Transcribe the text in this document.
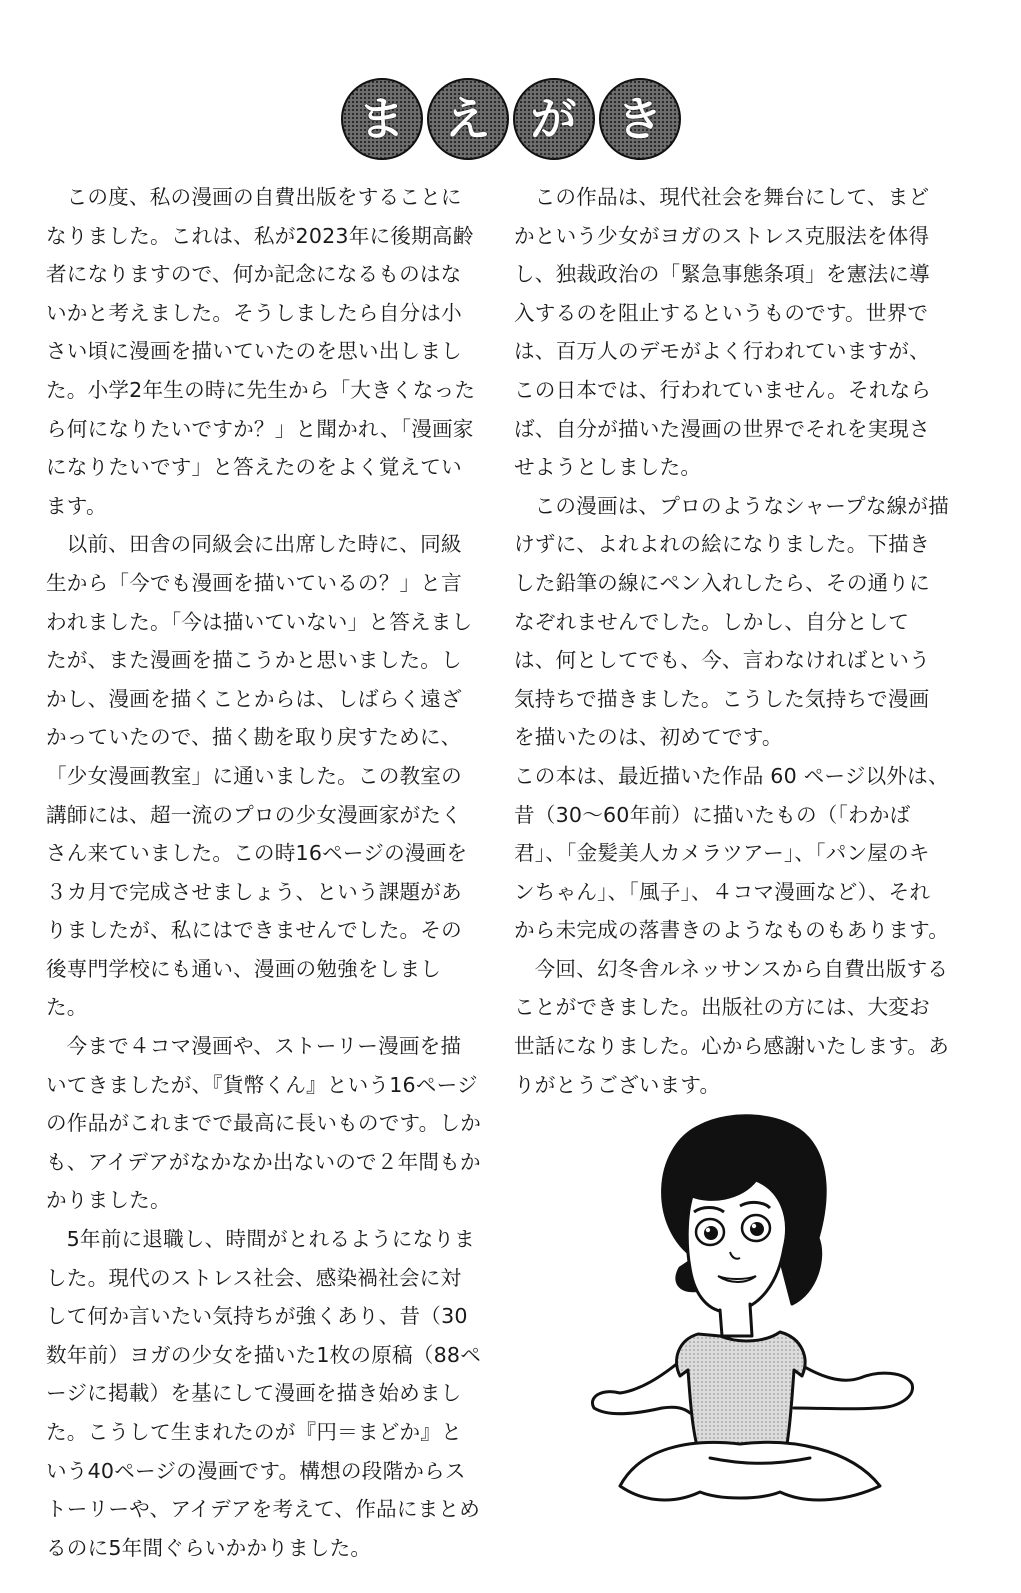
ま え が き

この度、私の漫画の自費出版をすることになりました。これは、私が2023年に後期高齢者になりますので、何か記念になるものはないかと考えました。そうしましたら自分は小さい頃に漫画を描いていたのを思い出しました。小学2年生の時に先生から「大きくなったら何になりたいですか？」と聞かれ、「漫画家になりたいです」と答えたのをよく覚えています。

以前、田舎の同級会に出席した時に、同級生から「今でも漫画を描いているの？」と言われました。「今は描いていない」と答えましたが、また漫画を描こうかと思いました。しかし、漫画を描くことからは、しばらく遠ざかっていたので、描く勘を取り戻すために、「少女漫画教室」に通いました。この教室の講師には、超一流のプロの少女漫画家がたくさん来ていました。この時16ページの漫画を３カ月で完成させましょう、という課題がありましたが、私にはできませんでした。その後専門学校にも通い、漫画の勉強をしました。

今まで４コマ漫画や、ストーリー漫画を描いてきましたが、『貨幣くん』という16ページの作品がこれまでで最高に長いものです。しかも、アイデアがなかなか出ないので２年間もかかりました。

5年前に退職し、時間がとれるようになりました。現代のストレス社会、感染禍社会に対して何か言いたい気持ちが強くあり、昔（30数年前）ヨガの少女を描いた1枚の原稿（88ページに掲載）を基にして漫画を描き始めました。こうして生まれたのが『円＝まどか』という40ページの漫画です。構想の段階からストーリーや、アイデアを考えて、作品にまとめるのに5年間ぐらいかかりました。

この作品は、現代社会を舞台にして、まどかという少女がヨガのストレス克服法を体得し、独裁政治の「緊急事態条項」を憲法に導入するのを阻止するというものです。世界では、百万人のデモがよく行われていますが、この日本では、行われていません。それならば、自分が描いた漫画の世界でそれを実現させようとしました。

この漫画は、プロのようなシャープな線が描けずに、よれよれの絵になりました。下描きした鉛筆の線にペン入れしたら、その通りになぞれませんでした。しかし、自分としては、何としてでも、今、言わなければという気持ちで描きました。こうした気持ちで漫画を描いたのは、初めてです。

この本は、最近描いた作品 60 ページ以外は、昔（30〜60年前）に描いたもの（「わかば君」、「金髪美人カメラツアー」、「パン屋のキンちゃん」、「風子」、４コマ漫画など）、それから未完成の落書きのようなものもあります。

今回、幻冬舎ルネッサンスから自費出版することができました。出版社の方には、大変お世話になりました。心から感謝いたします。ありがとうございます。
